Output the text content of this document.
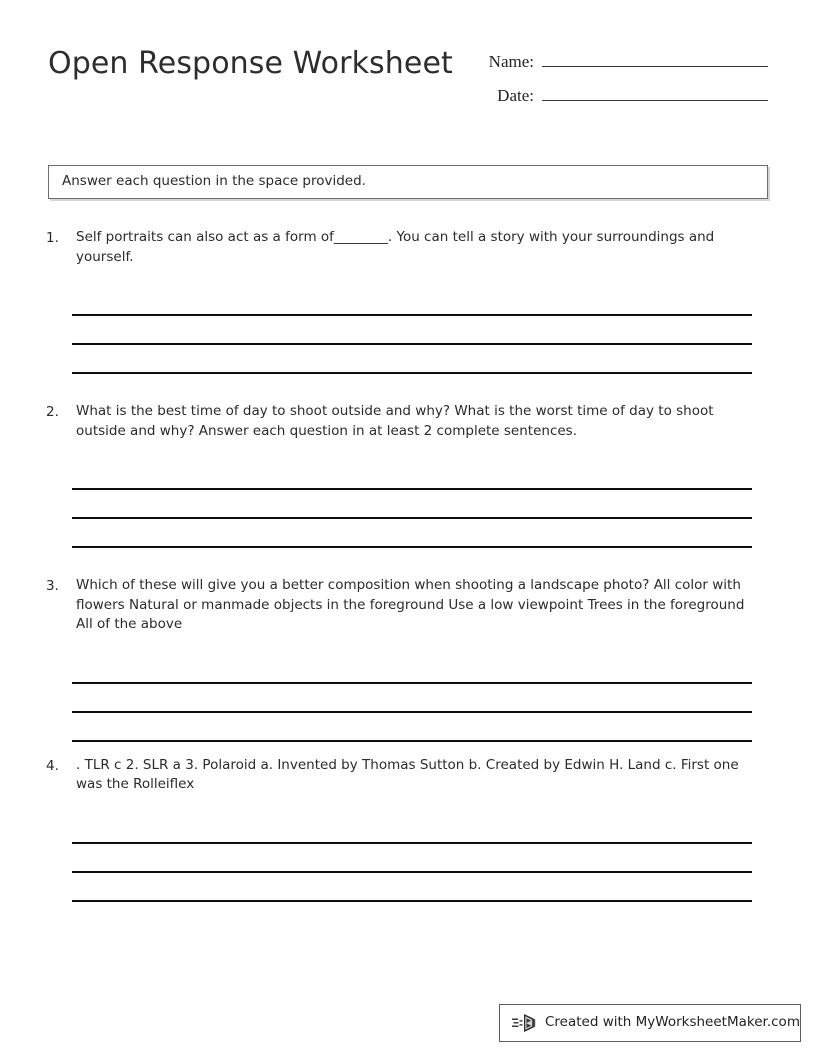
Open Response Worksheet	Name:
Date:
Answer each question in the space provided.
1.	Self portraits can also act as a form of________. You can tell a story with your surroundings and yourself.
2.	What is the best time of day to shoot outside and why? What is the worst time of day to shoot outside and why? Answer each question in at least 2 complete sentences.
3.	Which of these will give you a better composition when shooting a landscape photo? All color with flowers Natural or manmade objects in the foreground Use a low viewpoint Trees in the foreground All of the above
4.	. TLR c 2. SLR a 3. Polaroid a. Invented by Thomas Sutton b. Created by Edwin H. Land c. First one was the Rolleiflex
Created with MyWorksheetMaker.com
